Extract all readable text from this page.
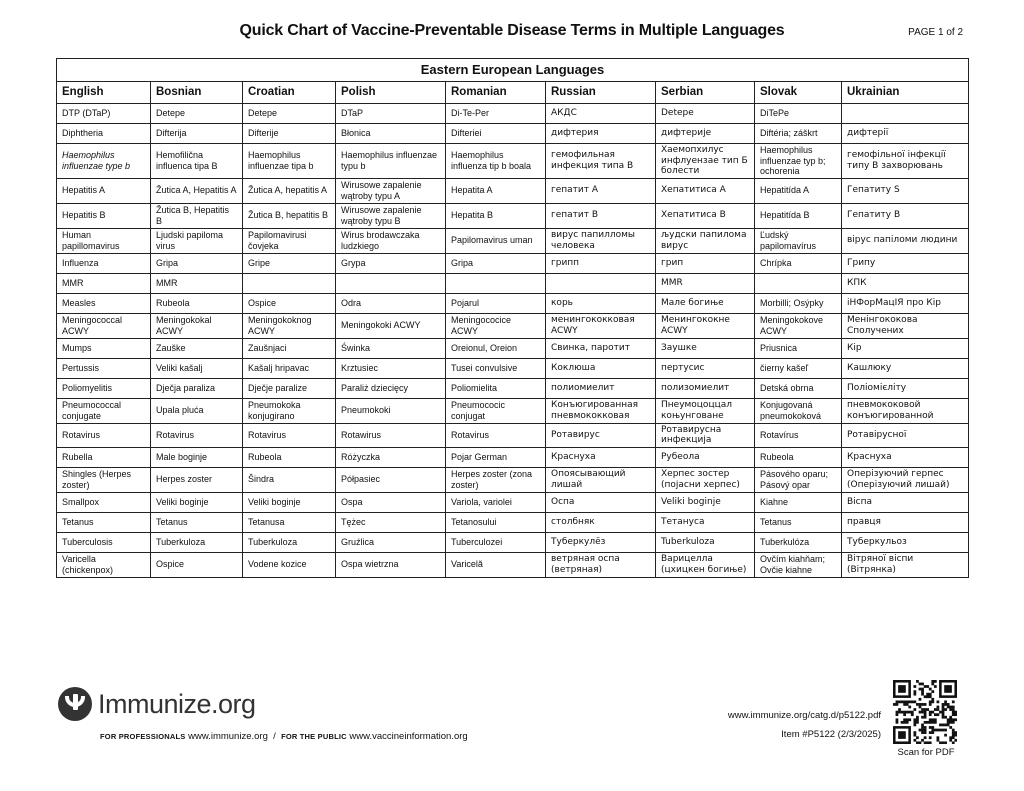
Quick Chart of Vaccine-Preventable Disease Terms in Multiple Languages	PAGE 1 of 2
Eastern European Languages								
English	Bosnian	Croatian	Polish	Romanian	Russian	Serbian	Slovak	Ukrainian
DTP (DTaP)	Detepe	Detepe	DTaP	Di-Te-Per	АКДС	Detepe	DiTePe	
Diphtheria	Difterija	Difterije	Błonica	Difteriei	дифтерия	дифтерије	Diftéria; záškrt	дифтерії
Haemophilus influenzae type b	Hemofilična influenca tipa B	Haemophilus influenzae tipa b	Haemophilus influenzae typu b	Haemophilus influenza tip b boala	гемофильная инфекция типа В	Хаемопхилус инфлуензае тип Б болести	Haemophilus influenzae typ b; ochorenia	гемофільної інфекції типу В захворювань
Hepatitis A	Žutica A, Hepatitis A	Žutica A, hepatitis A	Wirusowe zapalenie wątroby typu A	Hepatita A	гепатит А	Хепатитиса А	Hepatitída A	Гепатиту S
Hepatitis B	Žutica B, Hepatitis B	Žutica B, hepatitis B	Wirusowe zapalenie wątroby typu B	Hepatita B	гепатит В	Хепатитиса В	Hepatitída B	Гепатиту В
Human papillomavirus	Ljudski papiloma virus	Papilomavirusi čovjeka	Wirus brodawczaka ludzkiego	Papilomavirus uman	вирус папилломы человека	људски папилома вирус	Ľudský papilomavírus	вірус папіломи людини
Influenza	Gripa	Gripe	Grypa	Gripa	грипп	грип	Chrípka	Грипу
MMR	MMR					MMR		КПК
Measles	Rubeola	Ospice	Odra	Pojarul	корь	Мале богиње	Morbilli; Osýpky	іНФорМацІЯ про Кір
Meningococcal ACWY	Meningokokal ACWY	Meningokoknog ACWY	Meningokoki ACWY	Meningococice ACWY	менингококковая ACWY	Менингококне ACWY	Meningokokove ACWY	Менінгококова Сполучених
Mumps	Zauške	Zaušnjaci	Świnka	Oreionul, Oreion	Свинка, паротит	Заушке	Priusnica	Кір
Pertussis	Veliki kašalj	Kašalj hripavac	Krztusiec	Tusei convulsive	Коклюша	пертусис	čierny kašeľ	Кашлюку
Poliomyelitis	Dječja paraliza	Dječje paralize	Paraliż dziecięcy	Poliomielita	полиомиелит	полизомиелит	Detská obrna	Поліомієліту
Pneumococcal conjugate	Upala pluća	Pneumokoka konjugirano	Pneumokoki	Pneumococic conjugat	Конъюгированная пневмококковая	Пнеумоцоццал коњунговане	Konjugovaná pneumokoková	пневмококовой конъюгированной
Rotavirus	Rotavirus	Rotavirus	Rotawirus	Rotavirus	Ротавирус	Ротавирусна инфекција	Rotavírus	Ротавірусної
Rubella	Male boginje	Rubeola	Różyczka	Pojar German	Краснуха	Рубеола	Rubeola	Краснуха
Shingles (Herpes zoster)	Herpes zoster	Šindra	Półpasiec	Herpes zoster (zona zoster)	Опоясывающий лишай	Херпес зостер (појасни херпес)	Pásového oparu; Pásový opar	Оперізуючий герпес (Оперізуючий лишай)
Smallpox	Veliki boginje	Veliki boginje	Ospa	Variola, variolei	Оспа	Veliki boginje	Kiahne	Віспа
Tetanus	Tetanus	Tetanusa	Tężec	Tetanosului	столбняк	Тетануса	Tetanus	правця
Tuberculosis	Tuberkuloza	Tuberkuloza	Gruźlica	Tuberculozei	Туберкулёз	Tuberkuloza	Tuberkulóza	Туберкульоз
Varicella (chickenpox)	Ospice	Vodene kozice	Ospa wietrzna	Varicelă	ветряная оспа (ветряная)	Варицелла (цхицкен богиње)	Ovčím kiahňam; Ovčie kiahne	Вітряної віспи (Вітрянка)
Immunize.org
FOR PROFESSIONALS www.immunize.org / FOR THE PUBLIC www.vaccineinformation.org
www.immunize.org/catg.d/p5122.pdf
Item #P5122 (2/3/2025)
Scan for PDF
